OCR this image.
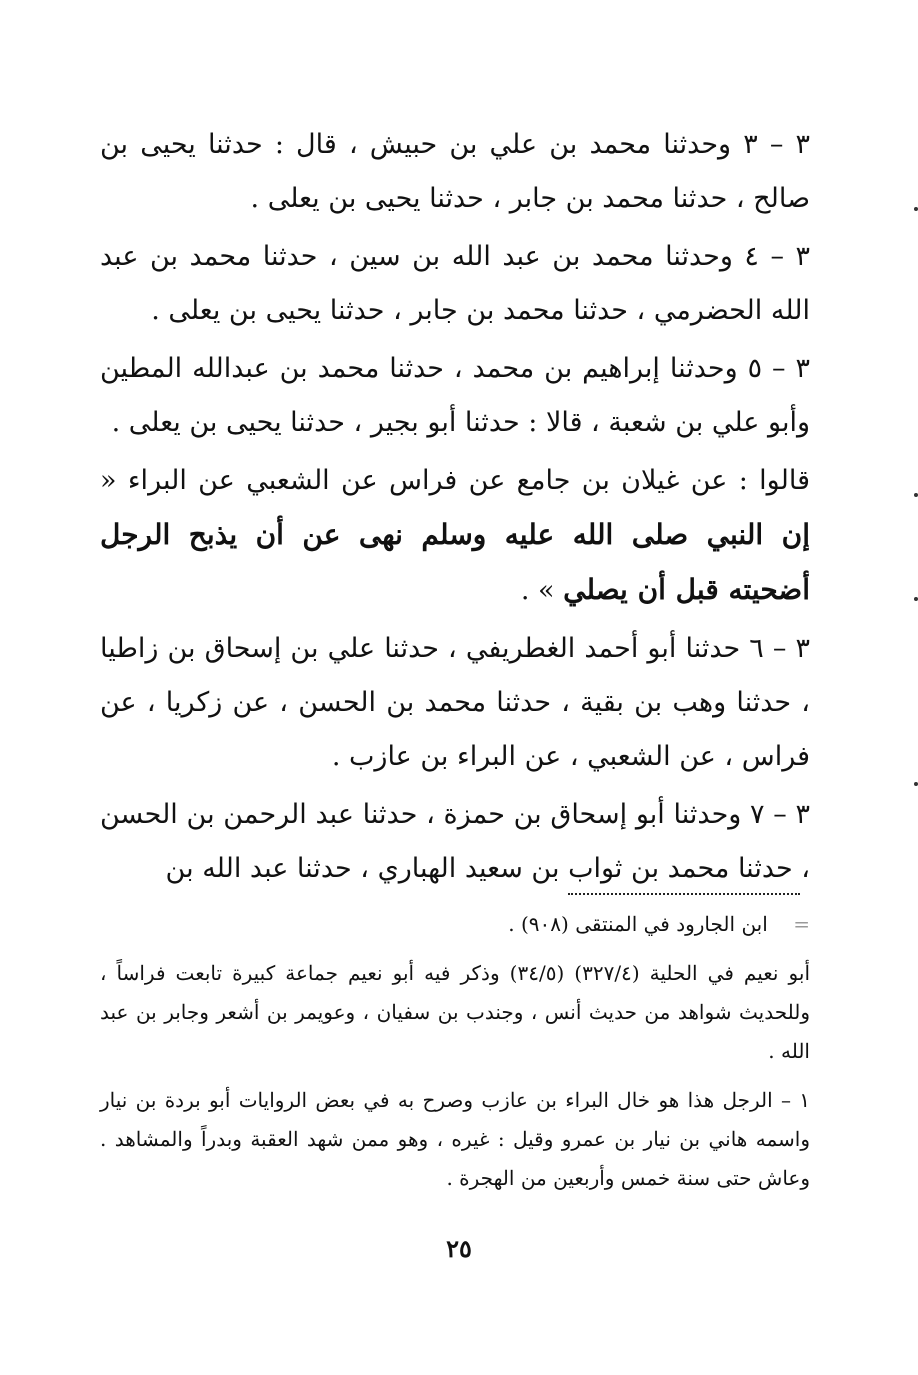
٣ – ٣ وحدثنا محمد بن علي بن حبيش ، قال : حدثنا يحيى بن صالح ، حدثنا محمد بن جابر ، حدثنا يحيى بن يعلى .

٣ – ٤ وحدثنا محمد بن عبد الله بن سين ، حدثنا محمد بن عبد الله الحضرمي ، حدثنا محمد بن جابر ، حدثنا يحيى بن يعلى .

٣ – ٥ وحدثنا إبراهيم بن محمد ، حدثنا محمد بن عبدالله المطين وأبو علي بن شعبة ، قالا : حدثنا أبو بجير ، حدثنا يحيى بن يعلى .

قالوا : عن غيلان بن جامع عن فراس عن الشعبي عن البراء « إن النبي صلى الله عليه وسلم نهى عن أن يذبح الرجل أضحيته قبل أن يصلي » .

٣ – ٦ حدثنا أبو أحمد الغطريفي ، حدثنا علي بن إسحاق بن زاطيا ، حدثنا وهب بن بقية ، حدثنا محمد بن الحسن ، عن زكريا ، عن فراس ، عن الشعبي ، عن البراء بن عازب .

٣ – ٧ وحدثنا أبو إسحاق بن حمزة ، حدثنا عبد الرحمن بن الحسن ، حدثنا محمد بن ثواب بن سعيد الهباري ، حدثنا عبد الله بن

=    ابن الجارود في المنتقى (٩٠٨) .

أبو نعيم في الحلية (٣٢٧/٤) (٣٤/٥) وذكر فيه أبو نعيم جماعة كبيرة تابعت فراساً ، وللحديث شواهد من حديث أنس ، وجندب بن سفيان ، وعويمر بن أشعر وجابر بن عبد الله .

١ – الرجل هذا هو خال البراء بن عازب وصرح به في بعض الروايات أبو بردة بن نيار واسمه هاني بن نيار بن عمرو وقيل : غيره ، وهو ممن شهد العقبة وبدراً والمشاهد . وعاش حتى سنة خمس وأربعين من الهجرة .

٢٥
